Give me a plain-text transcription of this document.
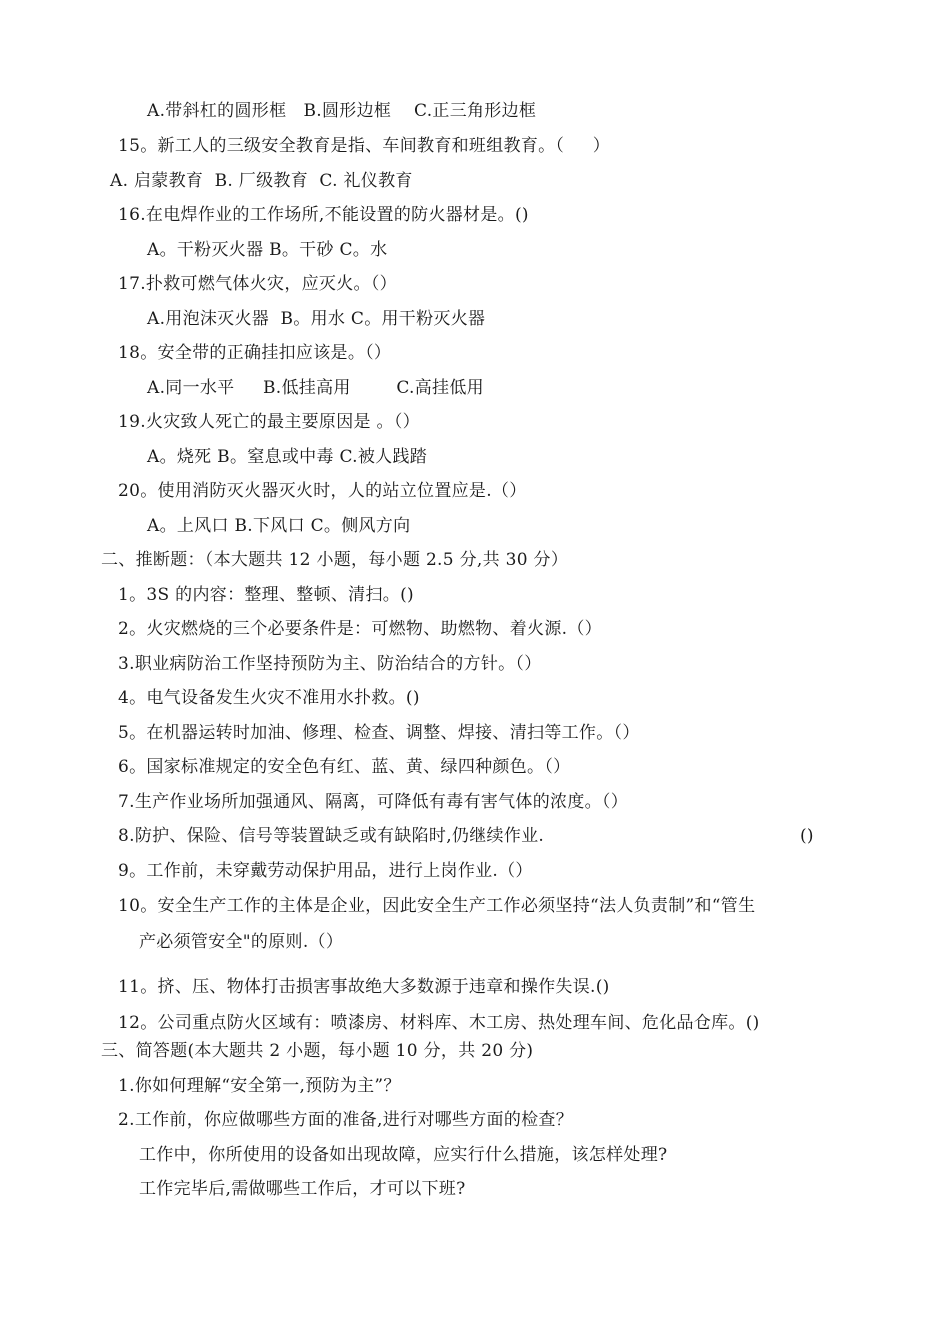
A.带斜杠的圆形框   B.圆形边框    C.正三角形边框
15。新工人的三级安全教育是指、车间教育和班组教育。（     ）
A. 启蒙教育  B. 厂级教育  C. 礼仪教育
16.在电焊作业的工作场所,不能设置的防火器材是。()
A。干粉灭火器 B。干砂 C。水
17.扑救可燃气体火灾，应灭火。（）
A.用泡沫灭火器  B。用水 C。用干粉灭火器
18。安全带的正确挂扣应该是。（）
A.同一水平     B.低挂高用        C.高挂低用
19.火灾致人死亡的最主要原因是 。（）
A。烧死 B。窒息或中毒 C.被人践踏
20。使用消防灭火器灭火时，人的站立位置应是.（）
A。上风口 B.下风口 C。侧风方向
二、推断题：（本大题共 12 小题，每小题 2.5 分,共 30 分）
1。3S 的内容：整理、整顿、清扫。()
2。火灾燃烧的三个必要条件是：可燃物、助燃物、着火源.（）
3.职业病防治工作坚持预防为主、防治结合的方针。（）
4。电气设备发生火灾不准用水扑救。()
5。在机器运转时加油、修理、检查、调整、焊接、清扫等工作。（）
6。国家标准规定的安全色有红、蓝、黄、绿四种颜色。（）
7.生产作业场所加强通风、隔离，可降低有毒有害气体的浓度。（）
8.防护、保险、信号等装置缺乏或有缺陷时,仍继续作业.	()
9。工作前，未穿戴劳动保护用品，进行上岗作业.（）
10。安全生产工作的主体是企业，因此安全生产工作必须坚持“法人负责制”和“管生
产必须管安全"的原则.（）
11。挤、压、物体打击损害事故绝大多数源于违章和操作失误.()
12。公司重点防火区域有：喷漆房、材料库、木工房、热处理车间、危化品仓库。()
三、简答题(本大题共 2 小题，每小题 10 分，共 20 分)
1.你如何理解“安全第一,预防为主”？
2.工作前，你应做哪些方面的准备,进行对哪些方面的检查？
工作中，你所使用的设备如出现故障，应实行什么措施，该怎样处理?
工作完毕后,需做哪些工作后，才可以下班?
